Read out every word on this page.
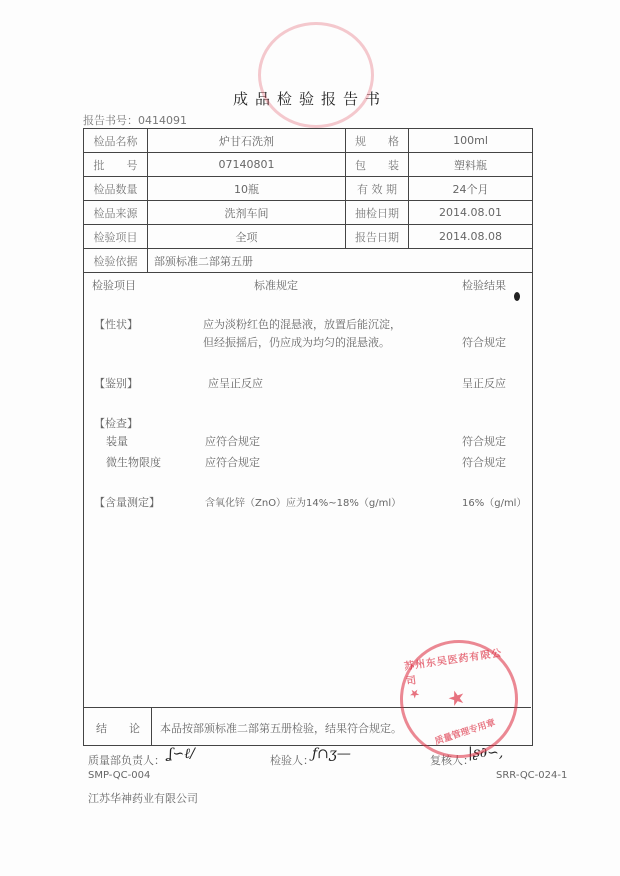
成品检验报告书
报告书号：0414091
检品名称	炉甘石洗剂	规　　格	100ml
批　　号	07140801	包　　装	塑料瓶
检品数量	10瓶	有 效 期	24个月
检品来源	洗剂车间	抽检日期	2014.08.01
检验项目	全项	报告日期	2014.08.08
检验依据	部颁标准二部第五册		
检验项目	标准规定	检验结果
【性状】	应为淡粉红色的混悬液，放置后能沉淀，
但经振摇后，仍应成为均匀的混悬液。	符合规定
【鉴别】	应呈正反应	呈正反应
【检查】
装量	应符合规定	符合规定
微生物限度	应符合规定	符合规定
【含量测定】	含氧化锌（ZnO）应为14%~18%（g/ml）	16%（g/ml）
结　　论 本品按部颁标准二部第五册检验，结果符合规定。
质量部负责人： ʆ∽ℓ/	检验人：
ƒ∩ʒ—	复核人：
|ʂ∂∽,
SMP-QC-004	SRR-QC-024-1
江苏华神药业有限公司
★ ★
苏州东吴医药有限公司
质量管理专用章
